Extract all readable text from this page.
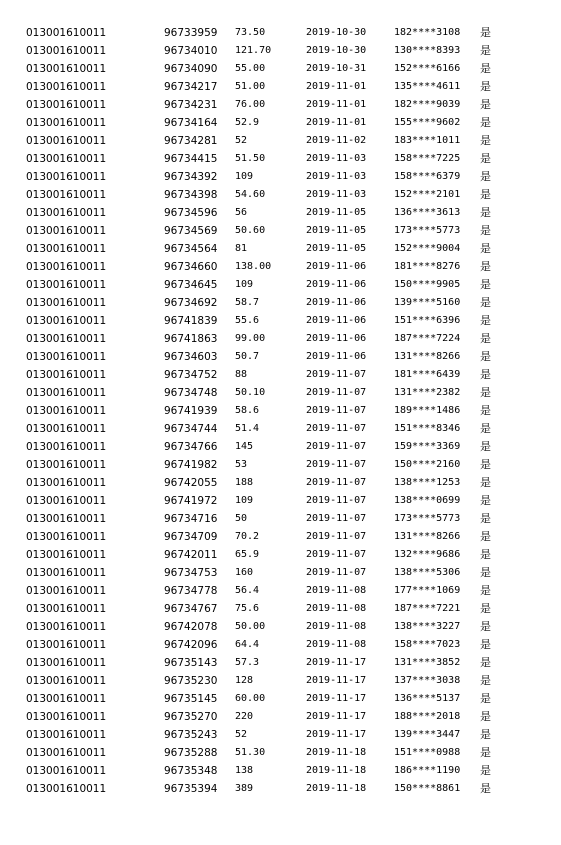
013001610011	96733959	73.50	2019-10-30	182****3108	是
013001610011	96734010	121.70	2019-10-30	130****8393	是
013001610011	96734090	55.00	2019-10-31	152****6166	是
013001610011	96734217	51.00	2019-11-01	135****4611	是
013001610011	96734231	76.00	2019-11-01	182****9039	是
013001610011	96734164	52.9	2019-11-01	155****9602	是
013001610011	96734281	52	2019-11-02	183****1011	是
013001610011	96734415	51.50	2019-11-03	158****7225	是
013001610011	96734392	109	2019-11-03	158****6379	是
013001610011	96734398	54.60	2019-11-03	152****2101	是
013001610011	96734596	56	2019-11-05	136****3613	是
013001610011	96734569	50.60	2019-11-05	173****5773	是
013001610011	96734564	81	2019-11-05	152****9004	是
013001610011	96734660	138.00	2019-11-06	181****8276	是
013001610011	96734645	109	2019-11-06	150****9905	是
013001610011	96734692	58.7	2019-11-06	139****5160	是
013001610011	96741839	55.6	2019-11-06	151****6396	是
013001610011	96741863	99.00	2019-11-06	187****7224	是
013001610011	96734603	50.7	2019-11-06	131****8266	是
013001610011	96734752	88	2019-11-07	181****6439	是
013001610011	96734748	50.10	2019-11-07	131****2382	是
013001610011	96741939	58.6	2019-11-07	189****1486	是
013001610011	96734744	51.4	2019-11-07	151****8346	是
013001610011	96734766	145	2019-11-07	159****3369	是
013001610011	96741982	53	2019-11-07	150****2160	是
013001610011	96742055	188	2019-11-07	138****1253	是
013001610011	96741972	109	2019-11-07	138****0699	是
013001610011	96734716	50	2019-11-07	173****5773	是
013001610011	96734709	70.2	2019-11-07	131****8266	是
013001610011	96742011	65.9	2019-11-07	132****9686	是
013001610011	96734753	160	2019-11-07	138****5306	是
013001610011	96734778	56.4	2019-11-08	177****1069	是
013001610011	96734767	75.6	2019-11-08	187****7221	是
013001610011	96742078	50.00	2019-11-08	138****3227	是
013001610011	96742096	64.4	2019-11-08	158****7023	是
013001610011	96735143	57.3	2019-11-17	131****3852	是
013001610011	96735230	128	2019-11-17	137****3038	是
013001610011	96735145	60.00	2019-11-17	136****5137	是
013001610011	96735270	220	2019-11-17	188****2018	是
013001610011	96735243	52	2019-11-17	139****3447	是
013001610011	96735288	51.30	2019-11-18	151****0988	是
013001610011	96735348	138	2019-11-18	186****1190	是
013001610011	96735394	389	2019-11-18	150****8861	是
